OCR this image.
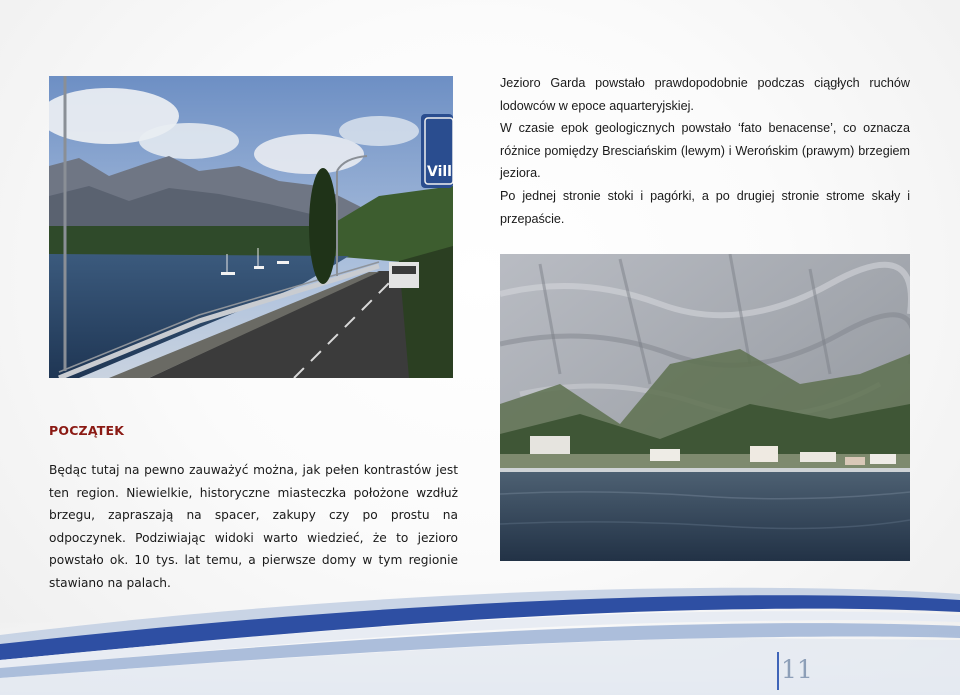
Vill

Jezioro Garda powstało prawdopodobnie podczas ciągłych ruchów lodowców w epoce aquarteryjskiej.

W czasie epok geologicznych powstało ‘fato benacense’, co oznacza różnice pomiędzy Bresciańskim (lewym) i Werońskim (prawym) brzegiem jeziora.

Po jednej stronie stoki i pagórki, a po drugiej stronie strome skały i przepaście.

POCZĄTEK

Będąc tutaj na pewno zauważyć można, jak pełen kontrastów jest ten region. Niewielkie, historyczne miasteczka położone wzdłuż brzegu, zapraszają na spacer, zakupy czy po prostu na odpoczynek. Podziwiając widoki warto wiedzieć, że to jezioro powstało ok. 10 tys. lat temu, a pierwsze domy w tym regionie stawiano na palach.

11
